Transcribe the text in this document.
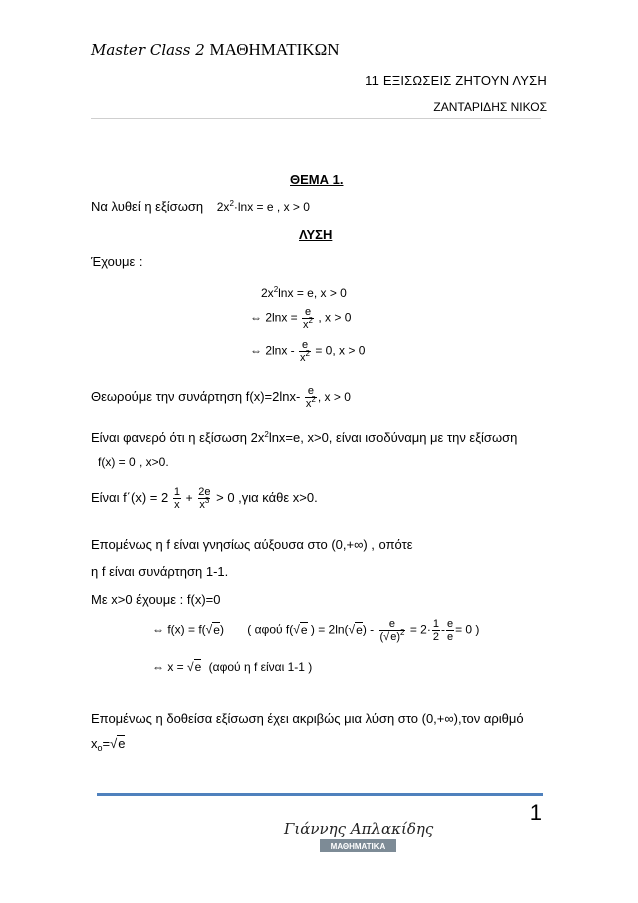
Master Class 2 ΜΑΘΗΜΑΤΙΚΩΝ
11 ΕΞΙΣΩΣΕΙΣ ΖΗΤΟΥΝ ΛΥΣΗ
ΖΑΝΤΑΡΙΔΗΣ ΝΙΚΟΣ
ΘΕΜΑ 1.
Να λυθεί η εξίσωση $2x^2\cdot\ln x = e$ , x > 0
ΛΥΣΗ
Έχουμε :
$2x^2\ln x = e$, x > 0
⇔ $2\ln x = \frac{e}{x^2}$ , x > 0
⇔ $2\ln x - \frac{e}{x^2} = 0$, x > 0
Θεωρούμε την συνάρτηση $f(x)=2\ln x- \frac{e}{x^2}$ , x > 0
Είναι φανερό ότι η εξίσωση $2x^2\ln x=e$, x>0, είναι ισοδύναμη με την εξίσωση
f(x) = 0 , x>0.
Είναι $f΄(x) = 2 \frac{1}{x} + \frac{2e}{x^3} > 0$ ,για κάθε x>0.
Επομένως η f είναι γνησίως αύξουσα στο (0,+∞) , οπότε
η f είναι συνάρτηση 1-1.
Με x>0 έχουμε : f(x)=0
⇔ f(x) = f(√e)       ( αφού f(√e ) = $2\ln(√e) - \frac{e}{(√e)^2} = 2\cdot \frac{1}{2} - \frac{e}{e} = 0$ )
⇔ x = √e (αφού η f είναι 1-1 )
Επομένως η δοθείσα εξίσωση έχει ακριβώς μια λύση στο (0,+∞),τον αριθμό
$x_o=√e$
1
Γιάννης Απλακίδης
ΜΑΘΗΜΑΤΙΚΑ
